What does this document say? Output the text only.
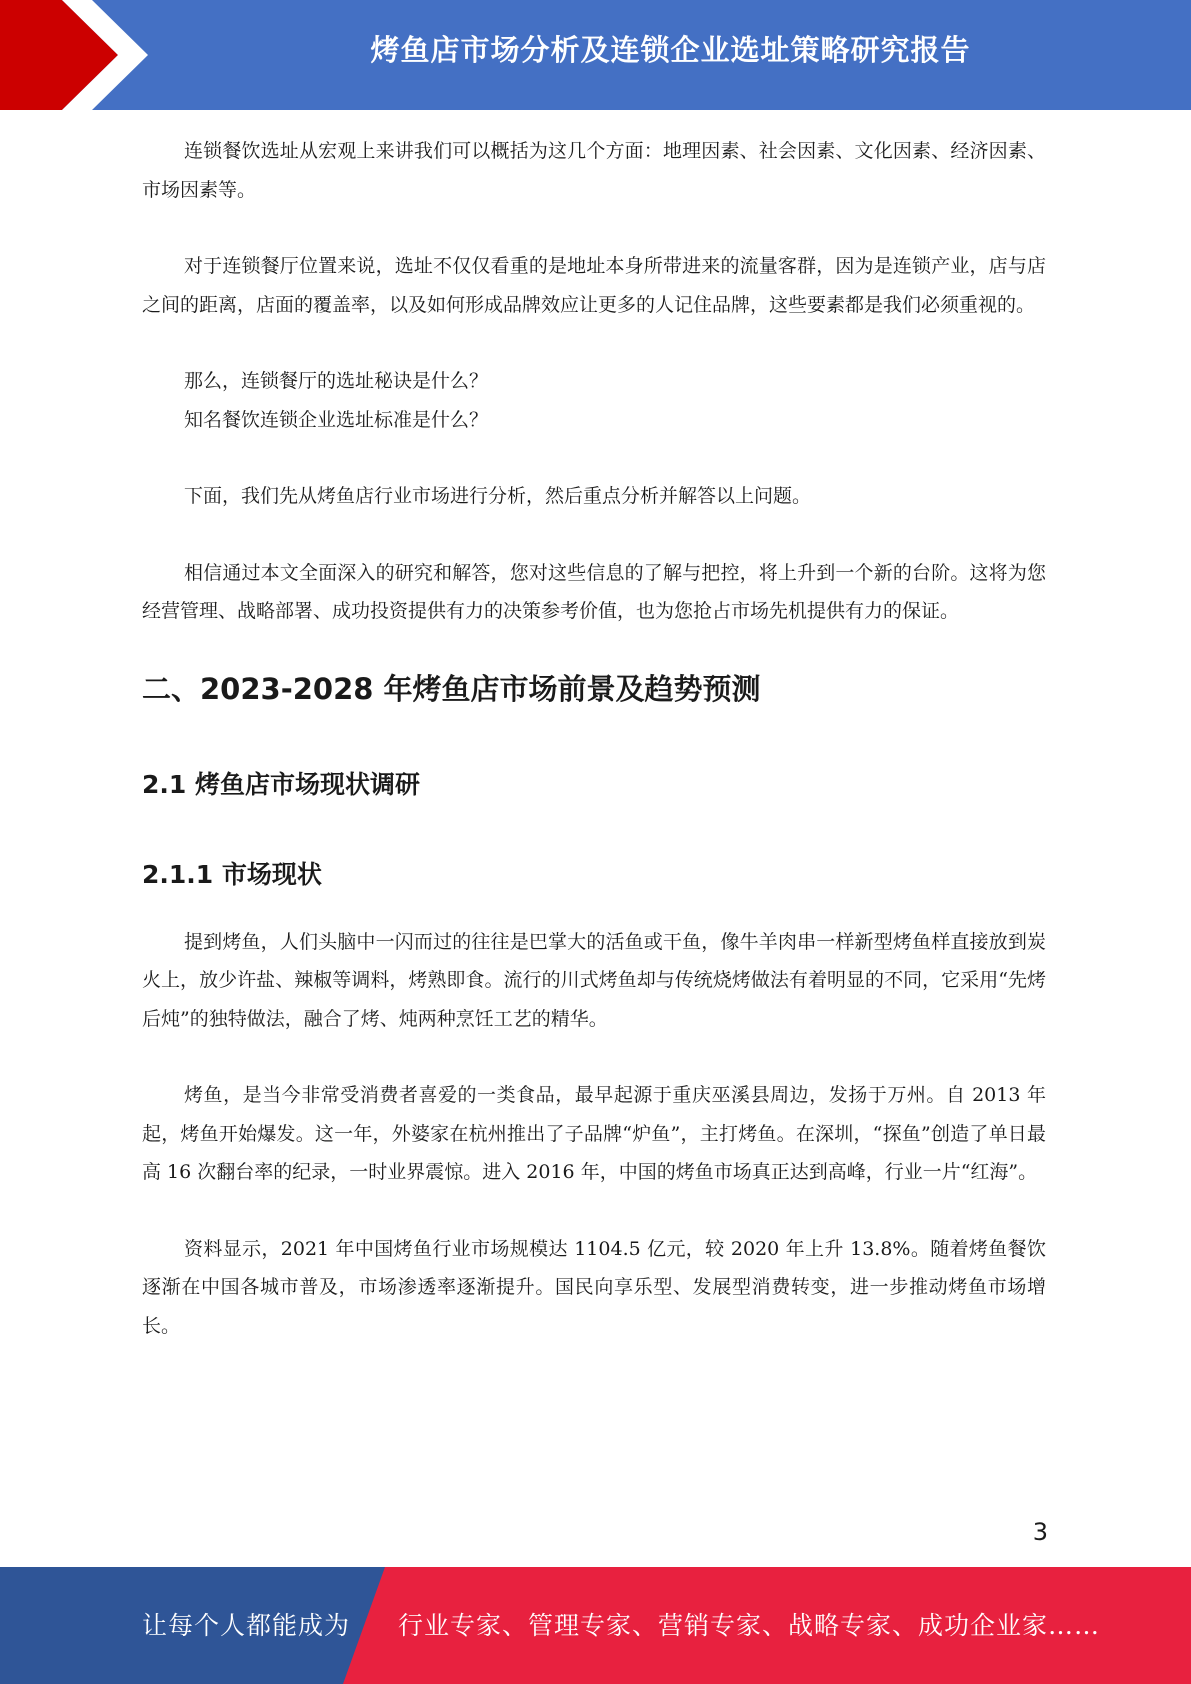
烤鱼店市场分析及连锁企业选址策略研究报告

连锁餐饮选址从宏观上来讲我们可以概括为这几个方面：地理因素、社会因素、文化因素、经济因素、市场因素等。

对于连锁餐厅位置来说，选址不仅仅看重的是地址本身所带进来的流量客群，因为是连锁产业，店与店之间的距离，店面的覆盖率，以及如何形成品牌效应让更多的人记住品牌，这些要素都是我们必须重视的。

那么，连锁餐厅的选址秘诀是什么？

知名餐饮连锁企业选址标准是什么？

下面，我们先从烤鱼店行业市场进行分析，然后重点分析并解答以上问题。

相信通过本文全面深入的研究和解答，您对这些信息的了解与把控，将上升到一个新的台阶。这将为您经营管理、战略部署、成功投资提供有力的决策参考价值，也为您抢占市场先机提供有力的保证。

二、2023-2028 年烤鱼店市场前景及趋势预测
2.1 烤鱼店市场现状调研
2.1.1 市场现状

提到烤鱼，人们头脑中一闪而过的往往是巴掌大的活鱼或干鱼，像牛羊肉串一样新型烤鱼样直接放到炭火上，放少许盐、辣椒等调料，烤熟即食。流行的川式烤鱼却与传统烧烤做法有着明显的不同，它采用“先烤后炖”的独特做法，融合了烤、炖两种烹饪工艺的精华。

烤鱼，是当今非常受消费者喜爱的一类食品，最早起源于重庆巫溪县周边，发扬于万州。自 2013 年起，烤鱼开始爆发。这一年，外婆家在杭州推出了子品牌“炉鱼”，主打烤鱼。在深圳，“探鱼”创造了单日最高 16 次翻台率的纪录，一时业界震惊。进入 2016 年，中国的烤鱼市场真正达到高峰，行业一片“红海”。

资料显示，2021 年中国烤鱼行业市场规模达 1104.5 亿元，较 2020 年上升 13.8%。随着烤鱼餐饮逐渐在中国各城市普及，市场渗透率逐渐提升。国民向享乐型、发展型消费转变，进一步推动烤鱼市场增长。

3
让每个人都能成为 行业专家、管理专家、营销专家、战略专家、成功企业家……
